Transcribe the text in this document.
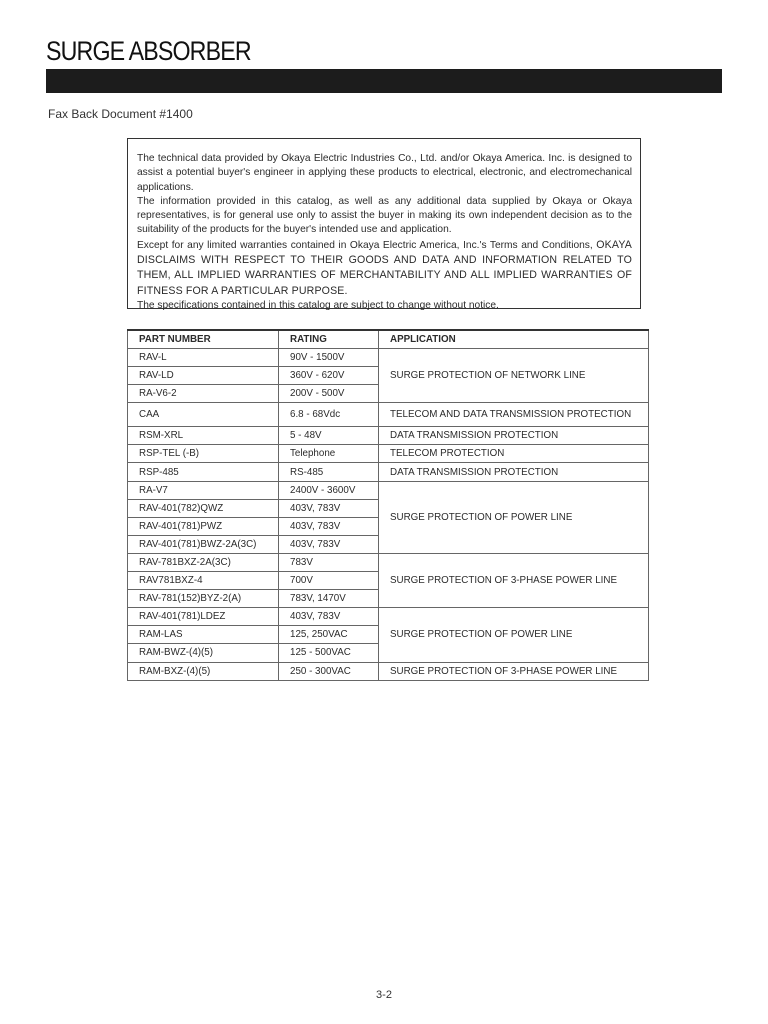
SURGE ABSORBER
Fax Back Document #1400

The technical data provided by Okaya Electric Industries Co., Ltd. and/or Okaya America. Inc. is designed to assist a potential buyer's engineer in applying these products to electrical, electronic, and electromechanical applications.

The information provided in this catalog, as well as any additional data supplied by Okaya or Okaya representatives, is for general use only to assist the buyer in making its own independent decision as to the suitability of the products for the buyer's intended use and application.

Except for any limited warranties contained in Okaya Electric America, Inc.'s Terms and Conditions, OKAYA DISCLAIMS WITH RESPECT TO THEIR GOODS AND DATA AND INFORMATION RELATED TO THEM, ALL IMPLIED WARRANTIES OF MERCHANTABILITY AND ALL IMPLIED WARRANTIES OF FITNESS FOR A PARTICULAR PURPOSE.

The specifications contained in this catalog are subject to change without notice.

PART NUMBER	RATING	APPLICATION
RAV-L	90V - 1500V	SURGE PROTECTION OF NETWORK LINE
RAV-LD	360V - 620V	
RA-V6-2	200V - 500V	
CAA	6.8 - 68Vdc	TELECOM AND DATA TRANSMISSION PROTECTION
RSM-XRL	5 - 48V	DATA TRANSMISSION PROTECTION
RSP-TEL (-B)	Telephone	TELECOM PROTECTION
RSP-485	RS-485	DATA TRANSMISSION PROTECTION
RA-V7	2400V - 3600V	SURGE PROTECTION OF POWER LINE
RAV-401(782)QWZ	403V, 783V	
RAV-401(781)PWZ	403V, 783V	
RAV-401(781)BWZ-2A(3C)	403V, 783V	
RAV-781BXZ-2A(3C)	783V	SURGE PROTECTION OF 3-PHASE POWER LINE
RAV781BXZ-4	700V	
RAV-781(152)BYZ-2(A)	783V, 1470V	
RAV-401(781)LDEZ	403V, 783V	SURGE PROTECTION OF POWER LINE
RAM-LAS	125, 250VAC	
RAM-BWZ-(4)(5)	125 - 500VAC	
RAM-BXZ-(4)(5)	250 - 300VAC	SURGE PROTECTION OF 3-PHASE POWER LINE
3-2
